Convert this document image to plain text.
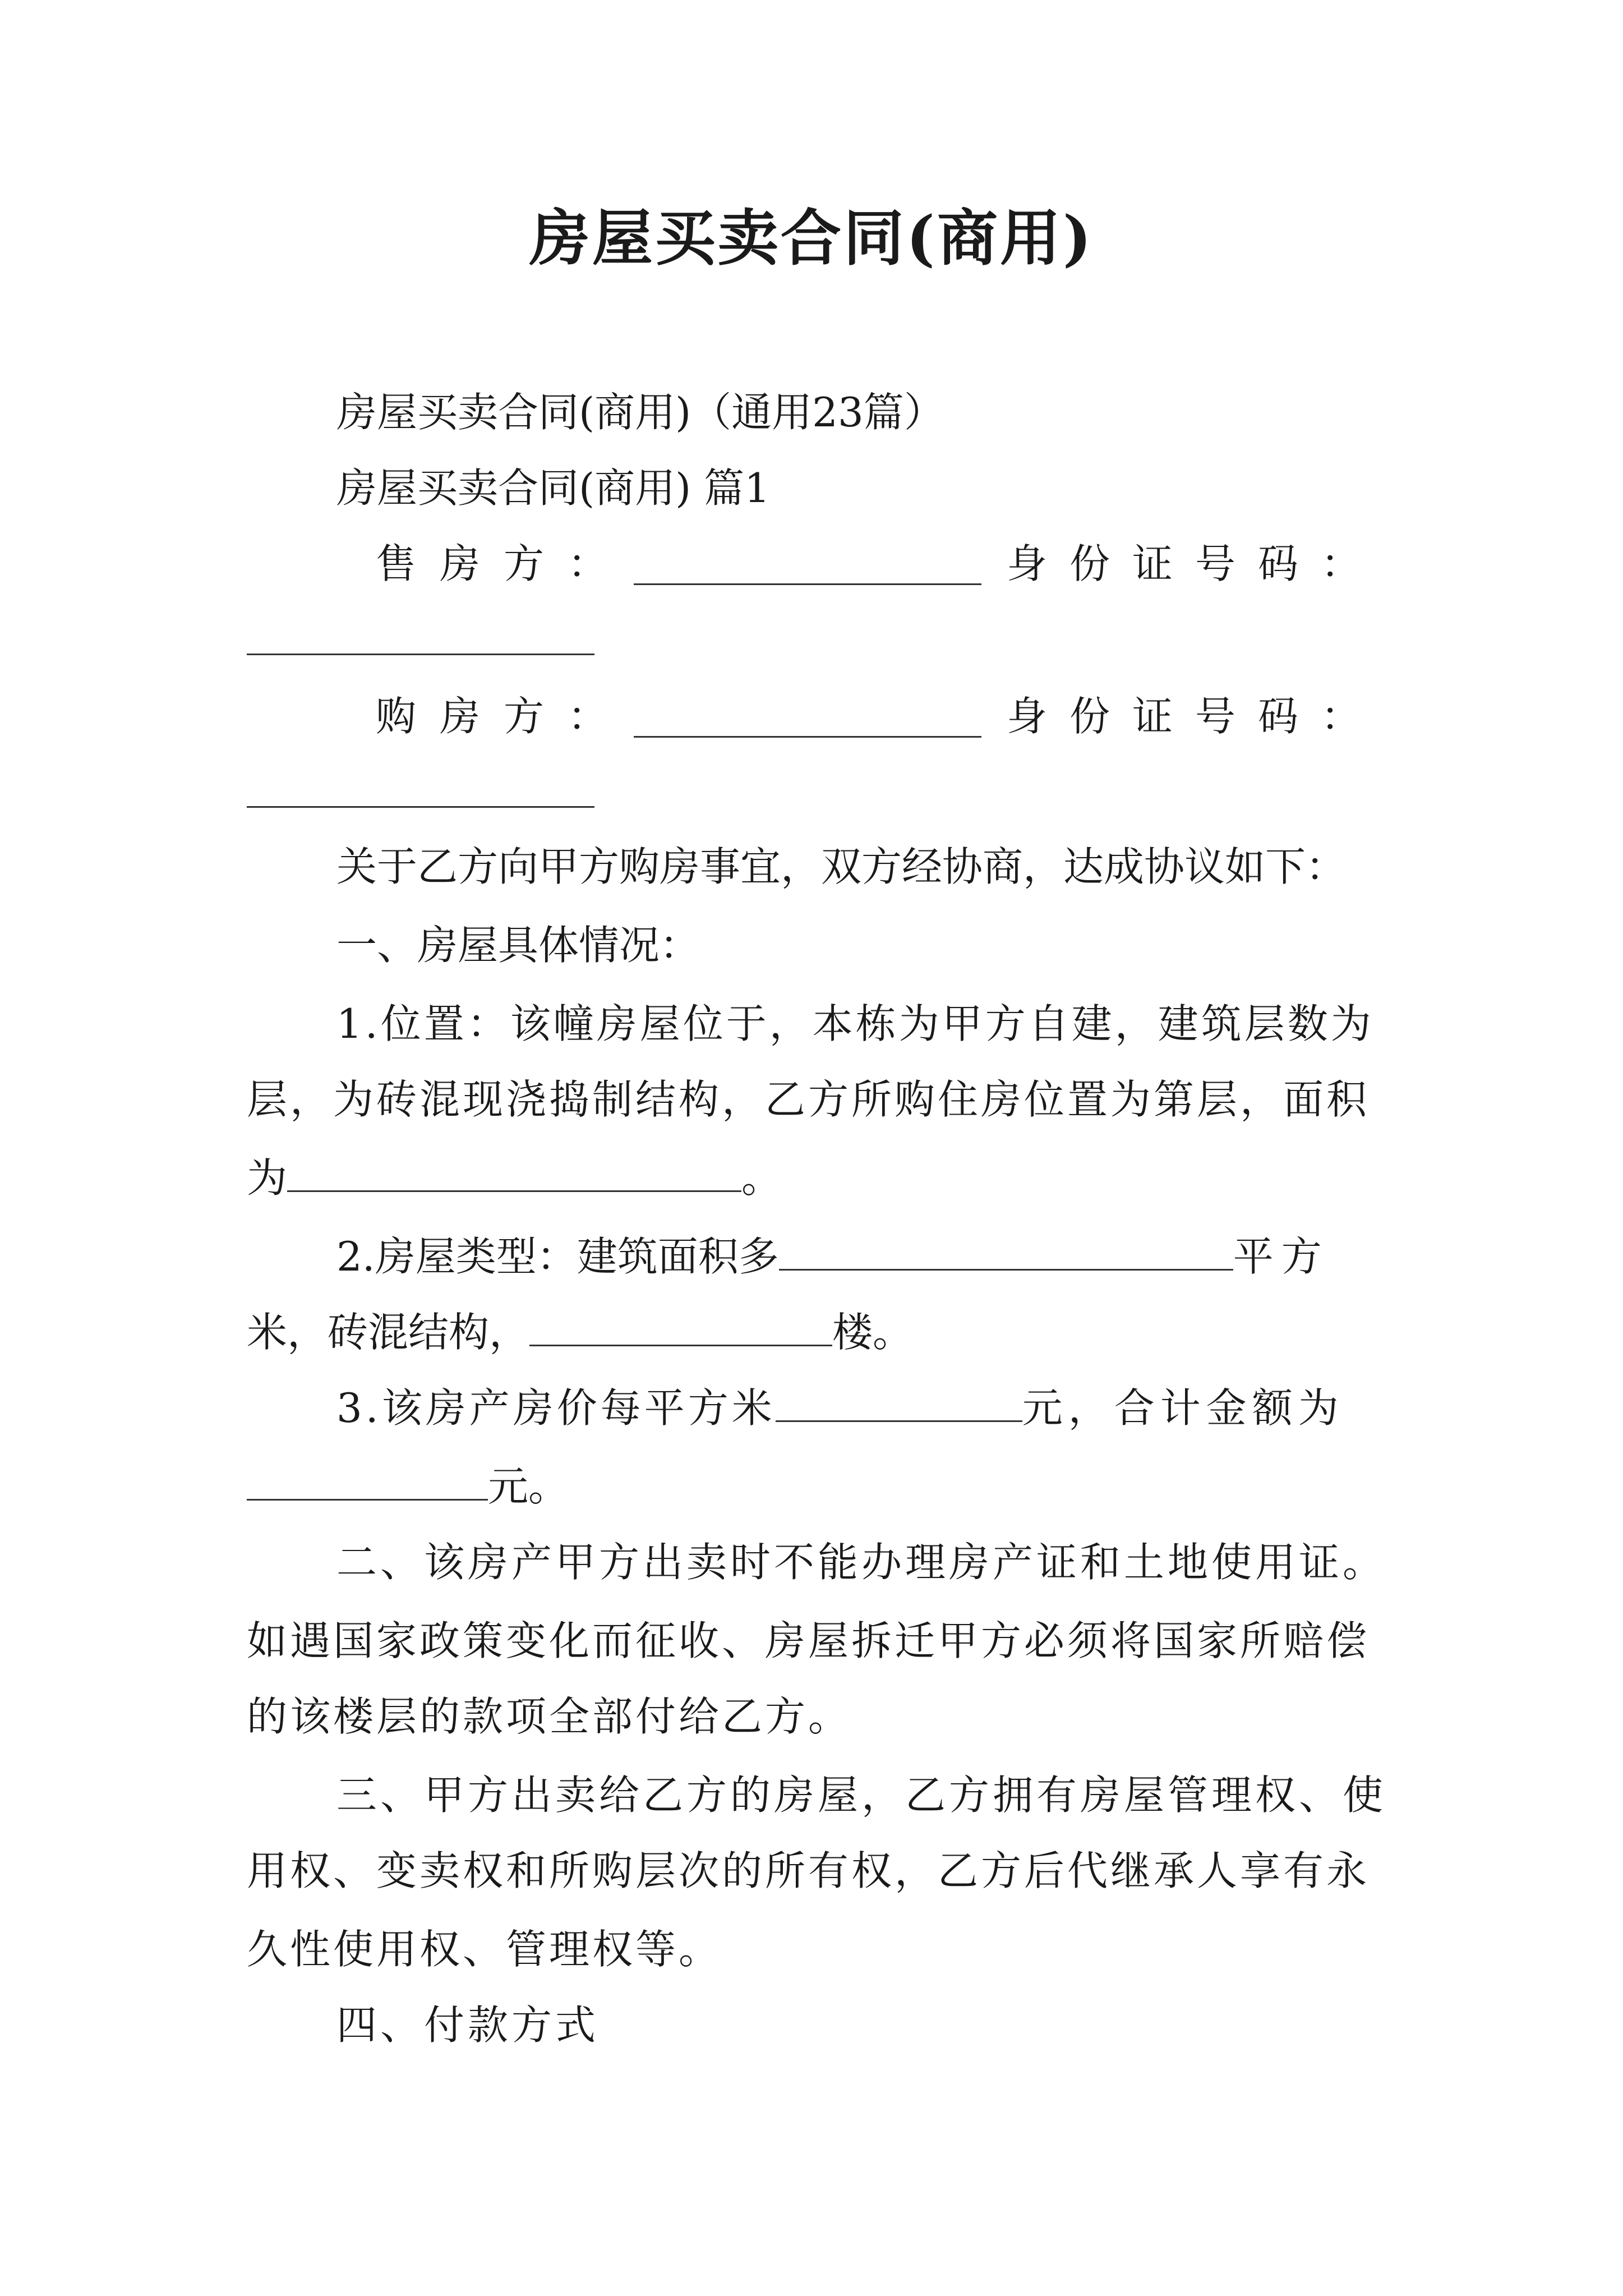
房屋买卖合同(商用)
房屋买卖合同(商用)（通用23篇）
房屋买卖合同(商用) 篇1
售房方：	身份证号码：
购房方：	身份证号码：
关于乙方向甲方购房事宜，双方经协商，达成协议如下：
一、房屋具体情况：
1.位置：该幢房屋位于，本栋为甲方自建，建筑层数为
层，为砖混现浇捣制结构，乙方所购住房位置为第层，面积
为	。
2.房屋类型：建筑面积多	平方
米，砖混结构，	楼。
3.该房产房价每平方米	元，合计金额为
元。
二、该房产甲方出卖时不能办理房产证和土地使用证。
如遇国家政策变化而征收、房屋拆迁甲方必须将国家所赔偿
的该楼层的款项全部付给乙方。
三、甲方出卖给乙方的房屋，乙方拥有房屋管理权、使
用权、变卖权和所购层次的所有权，乙方后代继承人享有永
久性使用权、管理权等。
四、付款方式
